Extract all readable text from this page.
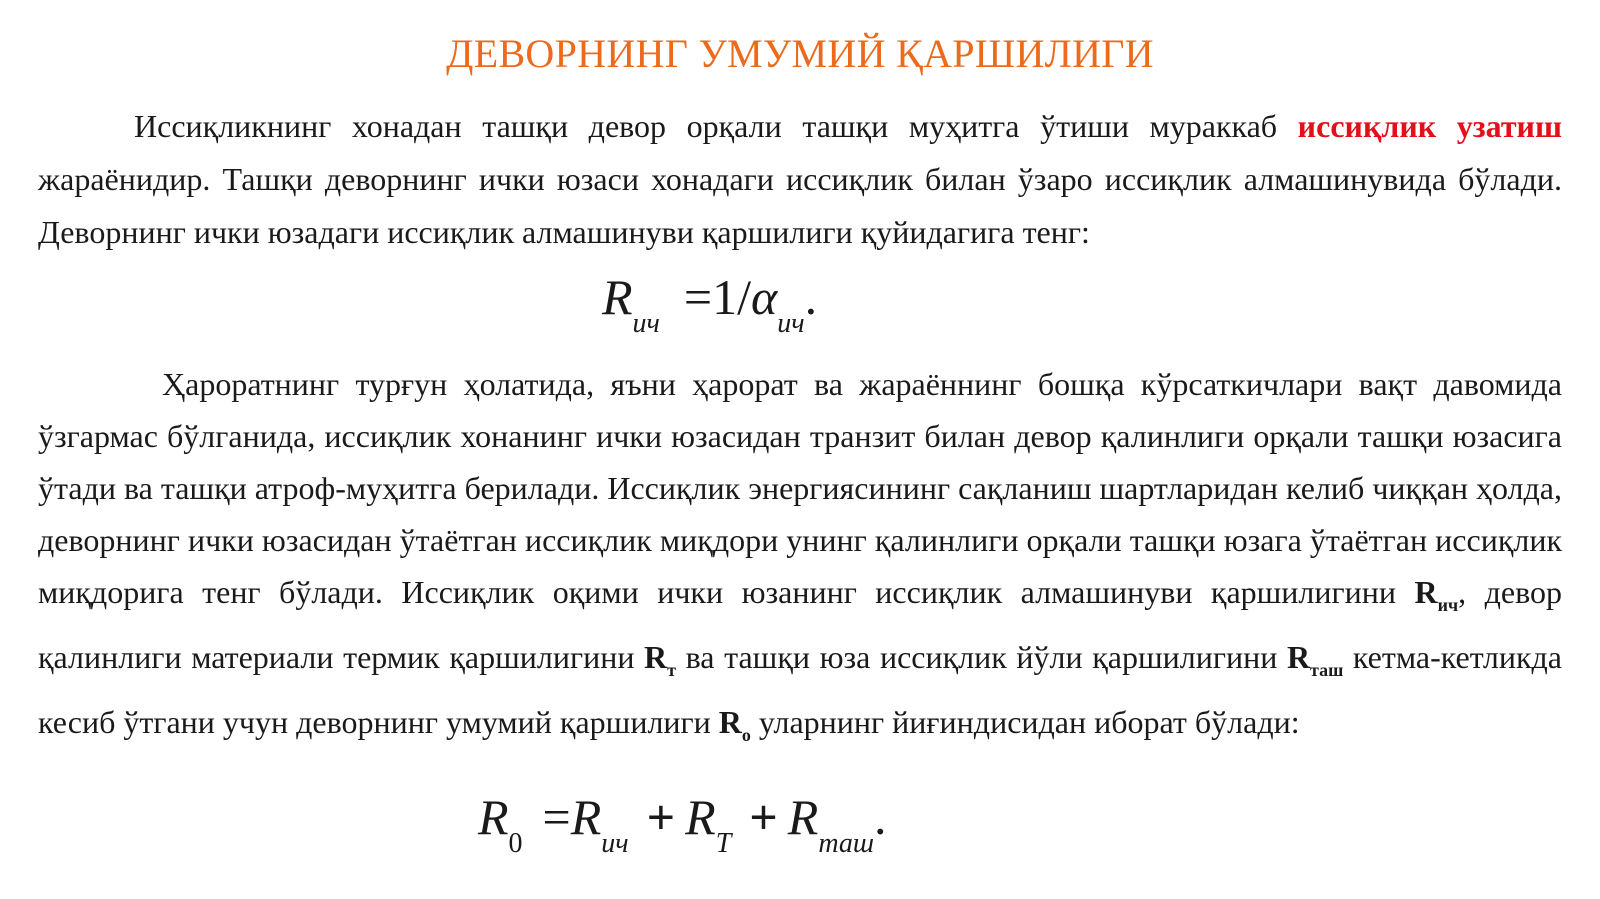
ДЕВОРНИНГ УМУМИЙ ҚАРШИЛИГИ

Иссиқликнинг хонадан ташқи девор орқали ташқи муҳитга ўтиши мураккаб иссиқлик узатиш жараёнидир. Ташқи деворнинг ички юзаси хонадаги иссиқлик билан ўзаро иссиқлик алмашинувида бўлади. Деворнинг ички юзадаги иссиқлик алмашинуви қаршилиги қуйидагига тенг:

$R_{ич} =1/\alpha_{ич}$.

Ҳароратнинг турғун ҳолатида, яъни ҳарорат ва жараённинг бошқа кўрсаткичлари вақт давомида ўзгармас бўлганида, иссиқлик хонанинг ички юзасидан транзит билан девор қалинлиги орқали ташқи юзасига ўтади ва ташқи атроф-муҳитга берилади. Иссиқлик энергиясининг сақланиш шартларидан келиб чиққан ҳолда, деворнинг ички юзасидан ўтаётган иссиқлик миқдори унинг қалинлиги орқали ташқи юзага ўтаётган иссиқлик миқдорига тенг бўлади. Иссиқлик оқими ички юзанинг иссиқлик алмашинуви қаршилигини $R_{ич}$, девор қалинлиги материали термик қаршилигини $R_т$ ва ташқи юза иссиқлик йўли қаршилигини $R_{таш}$ кетма-кетликда кесиб ўтгани учун деворнинг умумий қаршилиги $R_о$ уларнинг йиғиндисидан иборат бўлади:

$R_0 =R_{ич} + R_T + R_{таш}$.
